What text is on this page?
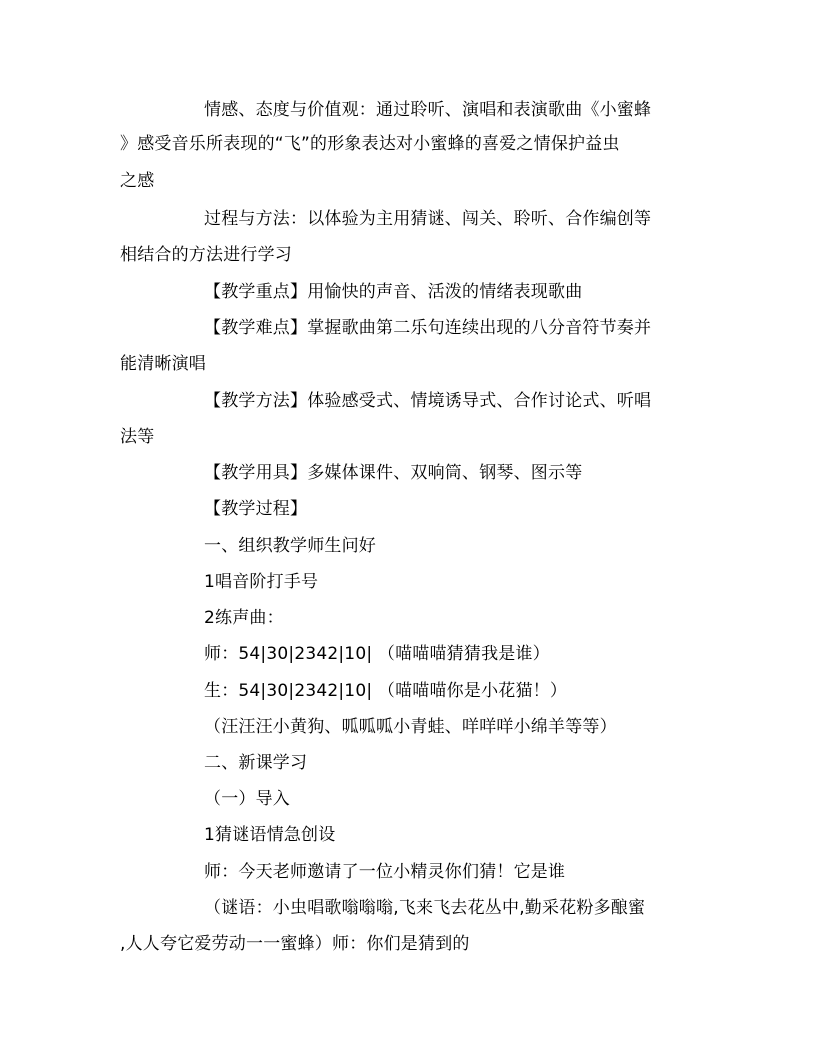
情感、态度与价值观：通过聆听、演唱和表演歌曲《小蜜蜂
》感受音乐所表现的“飞”的形象表达对小蜜蜂的喜爱之情保护益虫
之感
过程与方法：以体验为主用猜谜、闯关、聆听、合作编创等
相结合的方法进行学习
【教学重点】用愉快的声音、活泼的情绪表现歌曲
【教学难点】掌握歌曲第二乐句连续出现的八分音符节奏并
能清晰演唱
【教学方法】体验感受式、情境诱导式、合作讨论式、听唱
法等
【教学用具】多媒体课件、双响筒、钢琴、图示等
【教学过程】
一、组织教学师生问好
1唱音阶打手号
2练声曲：
师：54|30|2342|10| （喵喵喵猜猜我是谁）
生：54|30|2342|10| （喵喵喵你是小花猫！）
（汪汪汪小黄狗、呱呱呱小青蛙、咩咩咩小绵羊等等）
二、新课学习
（一）导入
1猜谜语情急创设
师：今天老师邀请了一位小精灵你们猜！它是谁
（谜语：小虫唱歌嗡嗡嗡,飞来飞去花丛中,勤采花粉多酿蜜
,人人夸它爱劳动一一蜜蜂）师：你们是猜到的
